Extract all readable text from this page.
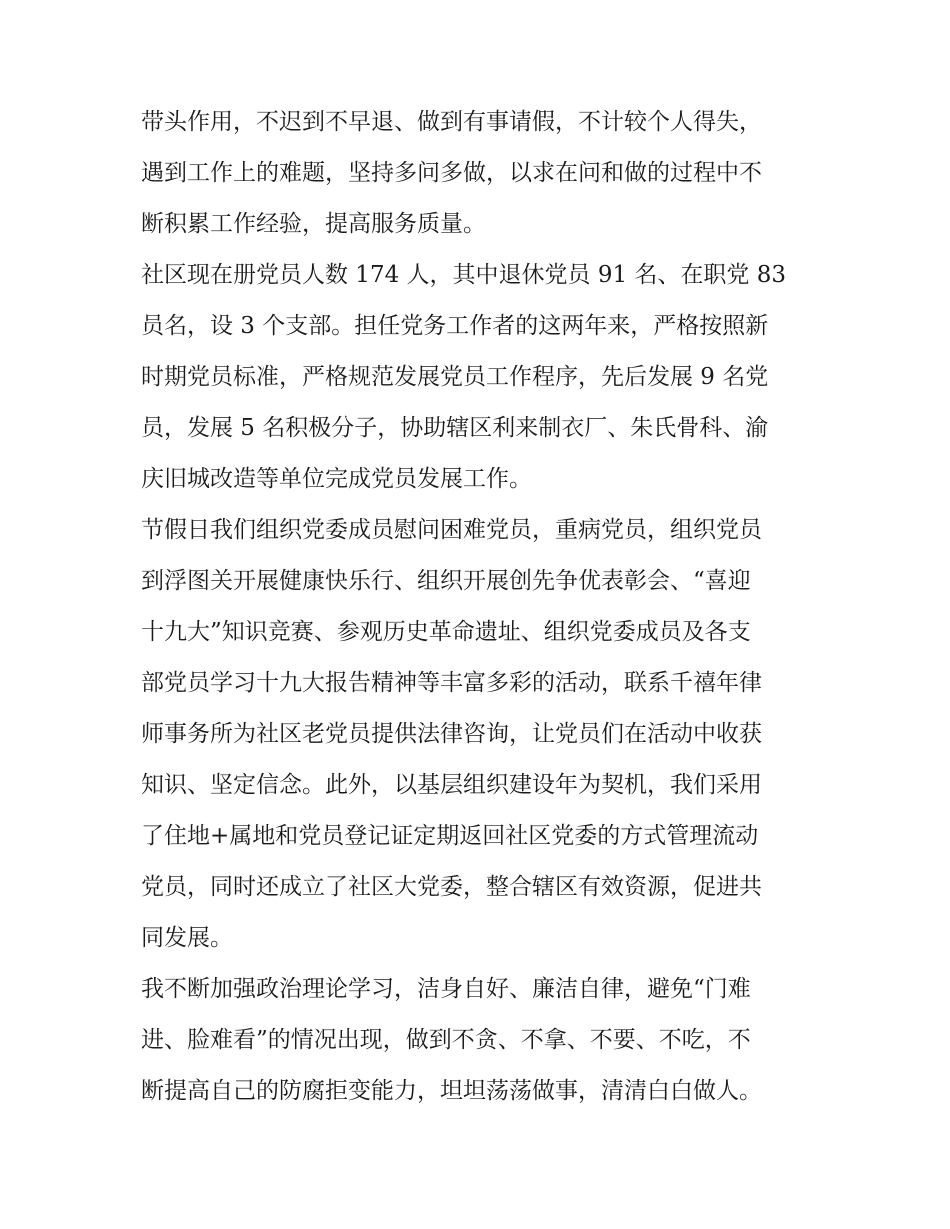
带头作用，不迟到不早退、做到有事请假，不计较个人得失，
遇到工作上的难题，坚持多问多做，以求在问和做的过程中不
断积累工作经验，提高服务质量。
社区现在册党员人数 174 人，其中退休党员 91 名、在职党 83
员名，设 3 个支部。担任党务工作者的这两年来，严格按照新
时期党员标准，严格规范发展党员工作程序，先后发展 9 名党
员，发展 5 名积极分子，协助辖区利来制衣厂、朱氏骨科、渝
庆旧城改造等单位完成党员发展工作。
节假日我们组织党委成员慰问困难党员，重病党员，组织党员
到浮图关开展健康快乐行、组织开展创先争优表彰会、“喜迎
十九大”知识竞赛、参观历史革命遗址、组织党委成员及各支
部党员学习十九大报告精神等丰富多彩的活动，联系千禧年律
师事务所为社区老党员提供法律咨询，让党员们在活动中收获
知识、坚定信念。此外，以基层组织建设年为契机，我们采用
了住地+属地和党员登记证定期返回社区党委的方式管理流动
党员，同时还成立了社区大党委，整合辖区有效资源，促进共
同发展。
我不断加强政治理论学习，洁身自好、廉洁自律，避免“门难
进、脸难看”的情况出现，做到不贪、不拿、不要、不吃，不
断提高自己的防腐拒变能力，坦坦荡荡做事，清清白白做人。
